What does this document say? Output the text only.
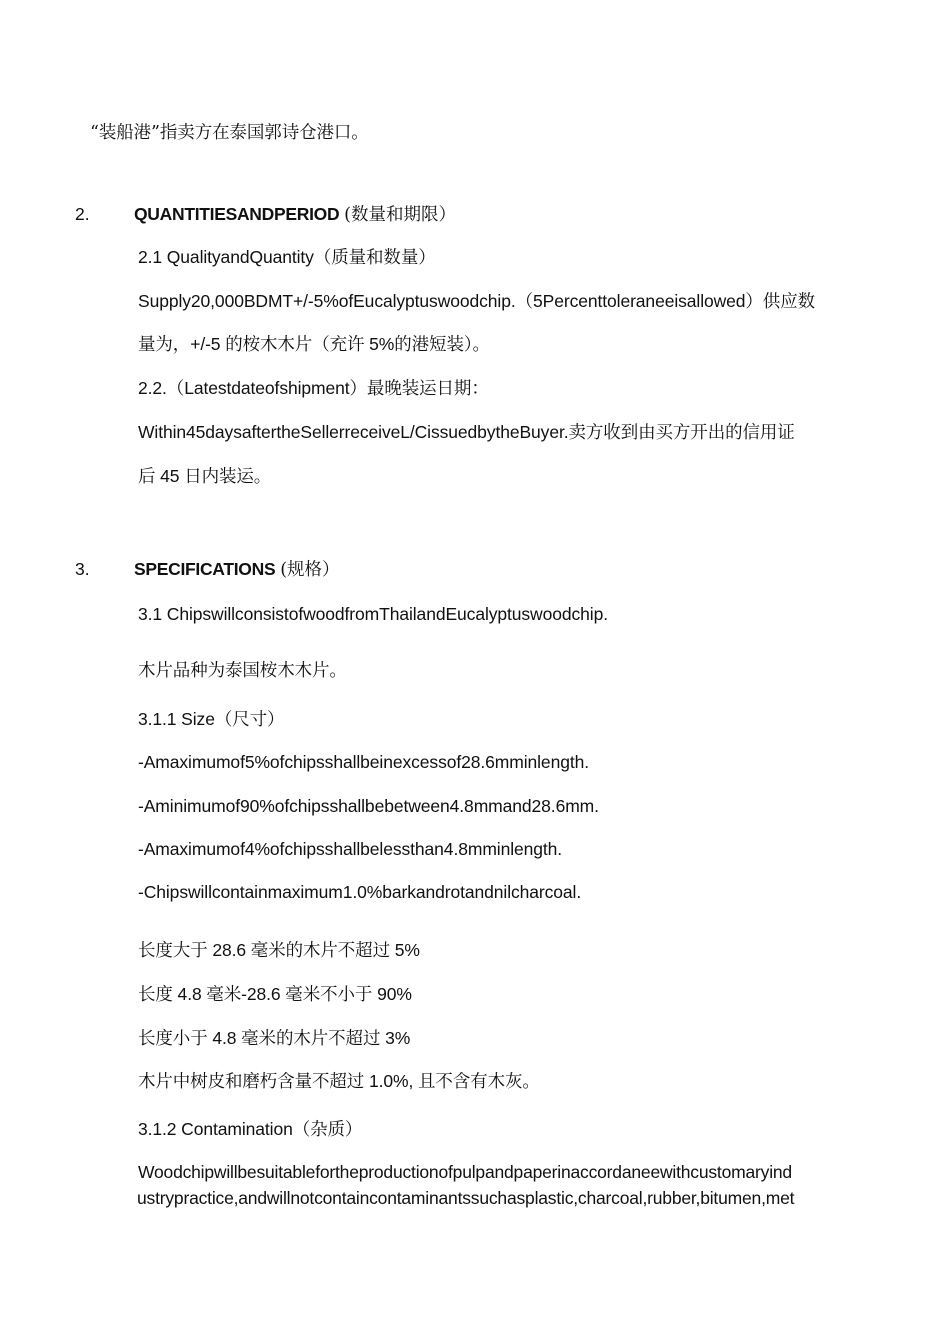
“装船港”指卖方在泰国郭诗仓港口。
2.	QUANTITIESANDPERIOD (数量和期限）
2.1 QualityandQuantity（质量和数量）
Supply20,000BDMT+/-5%ofEucalyptuswoodchip.（5Percenttoleraneeisallowed）供应数
量为，+/-5 的桉木木片（充许 5%的港短装）。
2.2.（Latestdateofshipment）最晚装运日期：
Within45daysaftertheSellerreceiveL/CissuedbytheBuyer.卖方收到由买方开出的信用证
后 45 日内装运。
3.	SPECIFICATIONS (规格）
3.1 ChipswillconsistofwoodfromThailandEucalyptuswoodchip.
木片品种为泰国桉木木片。
3.1.1 Size（尺寸）
-Amaximumof5%ofchipsshallbeinexcessof28.6mminlength.
-Aminimumof90%ofchipsshallbebetween4.8mmand28.6mm.
-Amaximumof4%ofchipsshallbelessthan4.8mminlength.
-Chipswillcontainmaximum1.0%barkandrotandnilcharcoal.
长度大于 28.6 毫米的木片不超过 5%
长度 4.8 毫米-28.6 毫米不小于 90%
长度小于 4.8 毫米的木片不超过 3%
木片中树皮和磨朽含量不超过 1.0%, 且不含有木灰。
3.1.2 Contamination（杂质）
Woodchipwillbesuitablefortheproductionofpulpandpaperinaccordaneewithcustomaryind
ustrypractice,andwillnotcontaincontaminantssuchasplastic,charcoal,rubber,bitumen,met
